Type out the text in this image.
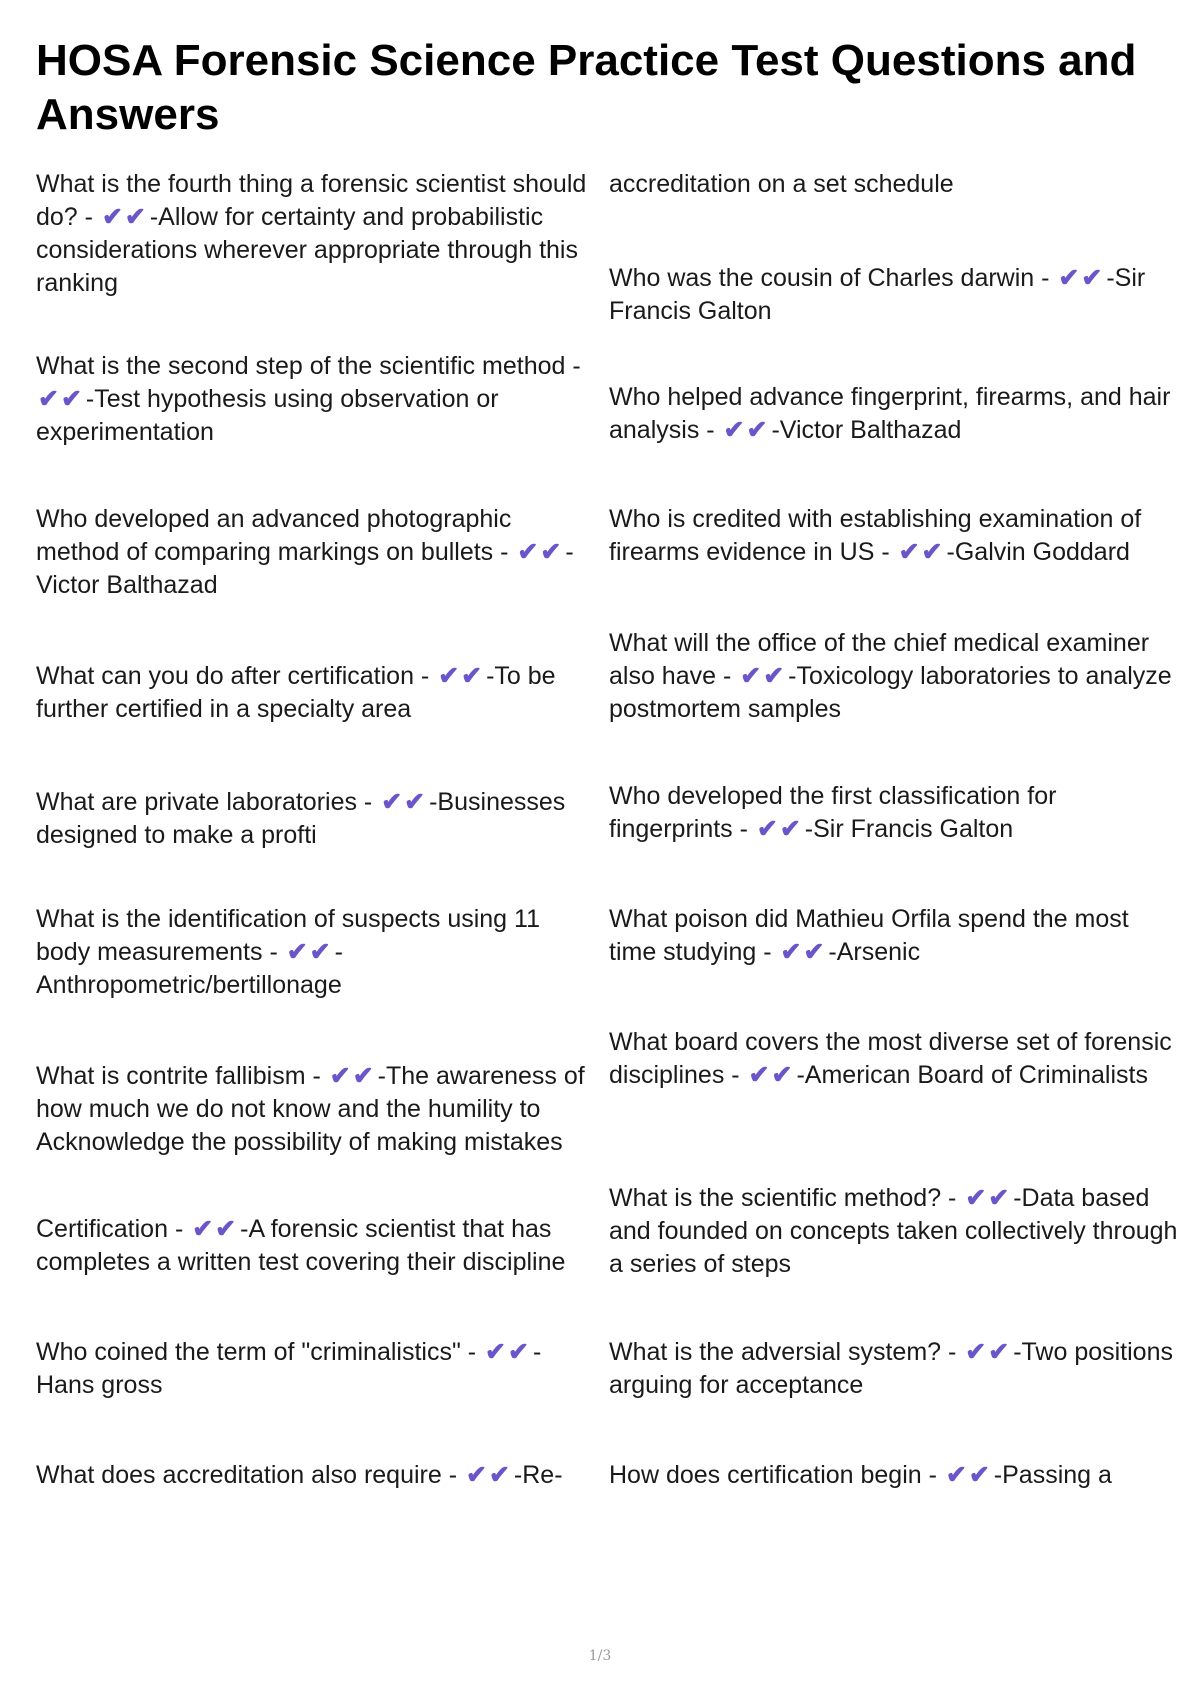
HOSA Forensic Science Practice Test Questions and Answers
What is the fourth thing a forensic scientist should do? - ✔✔-Allow for certainty and probabilistic considerations wherever appropriate through this ranking
What is the second step of the scientific method - ✔✔-Test hypothesis using observation or experimentation
Who developed an advanced photographic method of comparing markings on bullets - ✔✔-Victor Balthazad
What can you do after certification - ✔✔-To be further certified in a specialty area
What are private laboratories - ✔✔-Businesses designed to make a profti
What is the identification of suspects using 11 body measurements - ✔✔-Anthropometric/bertillonage
What is contrite fallibism - ✔✔-The awareness of how much we do not know and the humility to Acknowledge the possibility of making mistakes
Certification - ✔✔-A forensic scientist that has completes a written test covering their discipline
Who coined the term of "criminalistics" - ✔✔-Hans gross
What does accreditation also require - ✔✔-Re-
accreditation on a set schedule
Who was the cousin of Charles darwin - ✔✔-Sir Francis Galton
Who helped advance fingerprint, firearms, and hair analysis - ✔✔-Victor Balthazad
Who is credited with establishing examination of firearms evidence in US - ✔✔-Galvin Goddard
What will the office of the chief medical examiner also have - ✔✔-Toxicology laboratories to analyze postmortem samples
Who developed the first classification for fingerprints - ✔✔-Sir Francis Galton
What poison did Mathieu Orfila spend the most time studying - ✔✔-Arsenic
What board covers the most diverse set of forensic disciplines - ✔✔-American Board of Criminalists
What is the scientific method? - ✔✔-Data based and founded on concepts taken collectively through a series of steps
What is the adversial system? - ✔✔-Two positions arguing for acceptance
How does certification begin - ✔✔-Passing a
1/3
